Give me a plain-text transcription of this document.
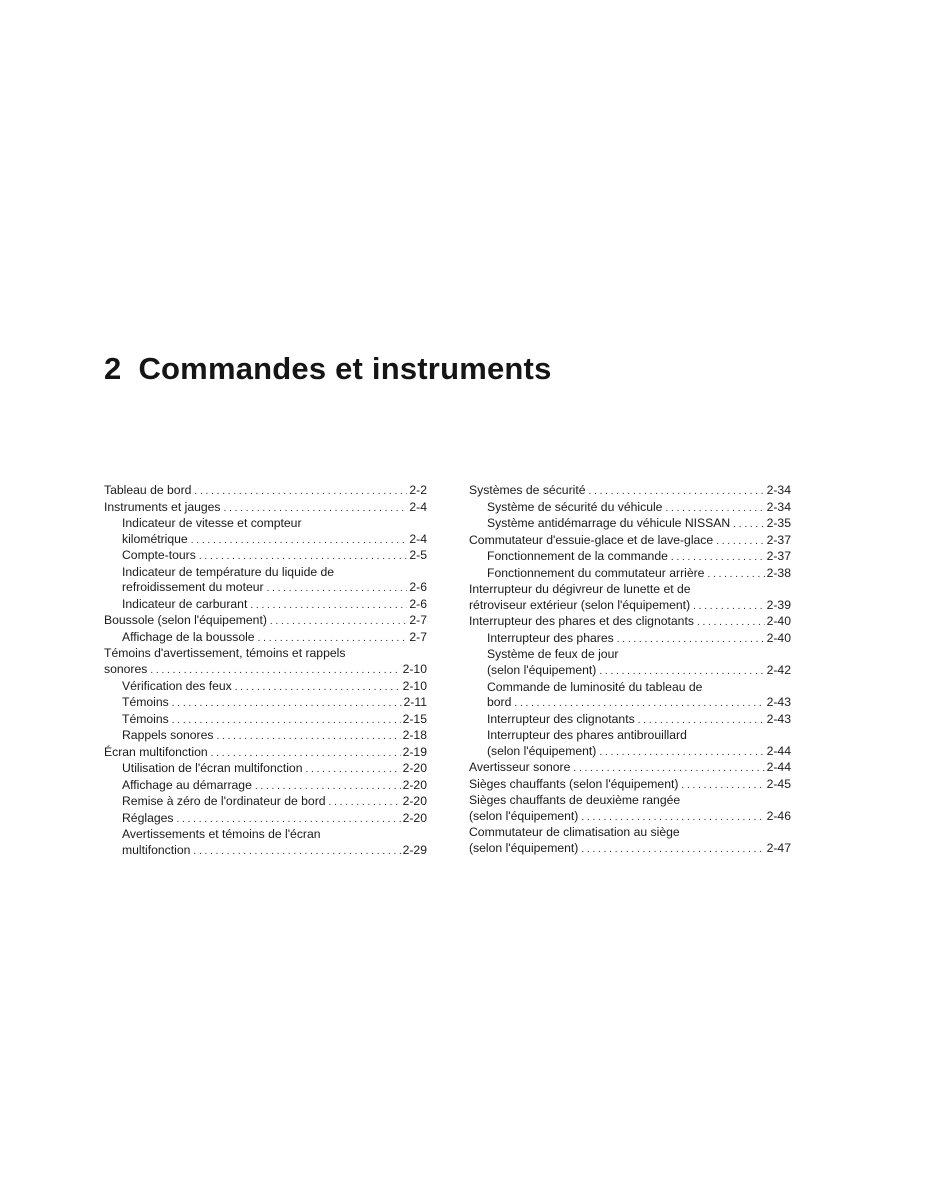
2 Commandes et instruments
Tableau de bord . . .	2-2
Instruments et jauges . . .	2-4
Indicateur de vitesse et compteur
kilométrique . . .	2-4
Compte-tours . . .	2-5
Indicateur de température du liquide de
refroidissement du moteur . . .	2-6
Indicateur de carburant . . .	2-6
Boussole (selon l'équipement) . . .	2-7
Affichage de la boussole . . .	2-7
Témoins d'avertissement, témoins et rappels
sonores . . .	2-10
Vérification des feux . . .	2-10
Témoins . . .	2-11
Témoins . . .	2-15
Rappels sonores . . .	2-18
Écran multifonction . . .	2-19
Utilisation de l'écran multifonction . . .	2-20
Affichage au démarrage . . .	2-20
Remise à zéro de l'ordinateur de bord . . .	2-20
Réglages . . .	2-20
Avertissements et témoins de l'écran
multifonction . . .	2-29
Systèmes de sécurité . . .	2-34
Système de sécurité du véhicule . . .	2-34
Système antidémarrage du véhicule NISSAN . . .	2-35
Commutateur d'essuie-glace et de lave-glace . . .	2-37
Fonctionnement de la commande . . .	2-37
Fonctionnement du commutateur arrière . . .	2-38
Interrupteur du dégivreur de lunette et de
rétroviseur extérieur (selon l'équipement) . . .	2-39
Interrupteur des phares et des clignotants . . .	2-40
Interrupteur des phares . . .	2-40
Système de feux de jour
(selon l'équipement) . . .	2-42
Commande de luminosité du tableau de
bord . . .	2-43
Interrupteur des clignotants . . .	2-43
Interrupteur des phares antibrouillard
(selon l'équipement) . . .	2-44
Avertisseur sonore . . .	2-44
Sièges chauffants (selon l'équipement) . . .	2-45
Sièges chauffants de deuxième rangée
(selon l'équipement) . . .	2-46
Commutateur de climatisation au siège
(selon l'équipement) . . .	2-47
